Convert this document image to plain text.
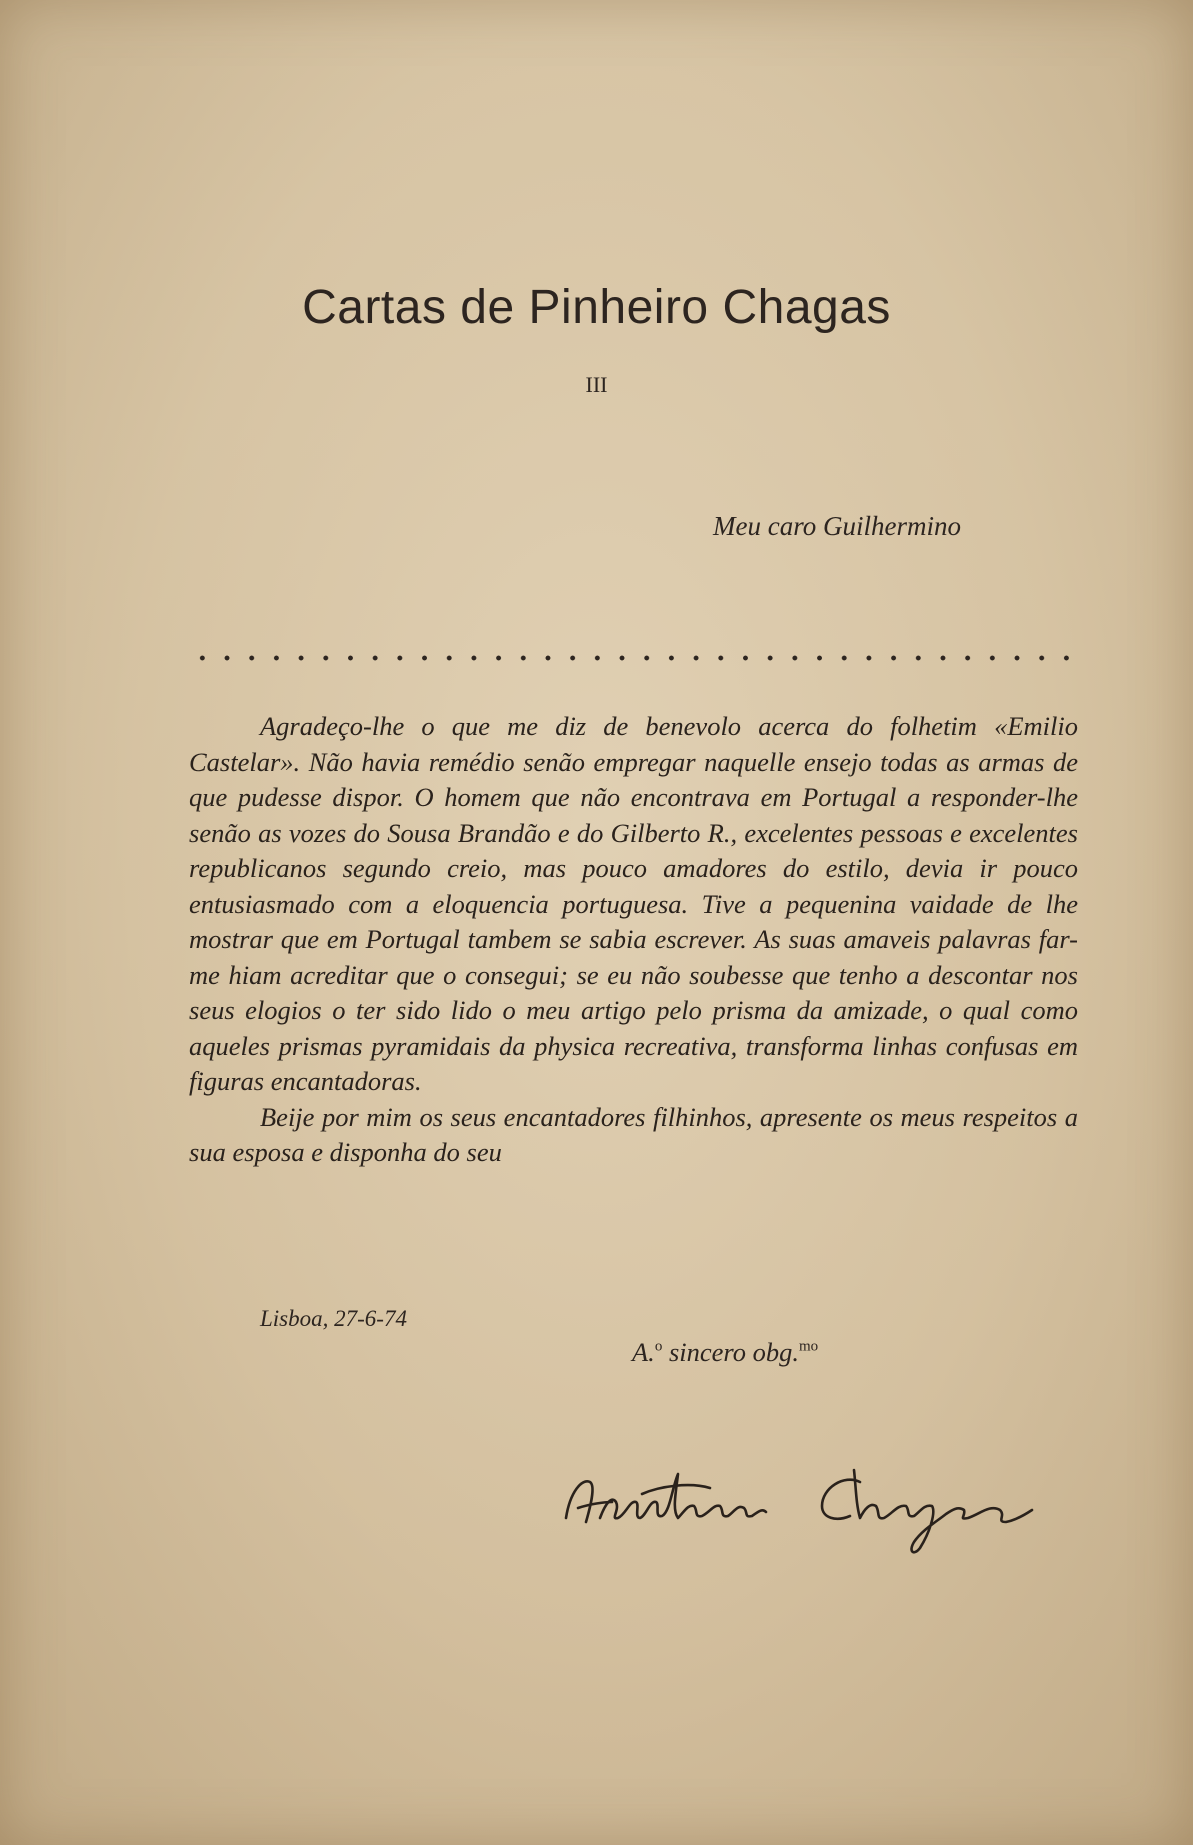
Cartas de Pinheiro Chagas
III
Meu caro Guilhermino

Agradeço-lhe o que me diz de benevolo acerca do folhetim «Emilio Castelar». Não havia remédio senão empregar naquelle ensejo todas as armas de que pudesse dispor. O homem que não encontrava em Portugal a responder-lhe senão as vozes do Sousa Brandão e do Gilberto R., excelentes pessoas e excelentes republicanos segundo creio, mas pouco amadores do estilo, devia ir pouco entusiasmado com a eloquencia portuguesa. Tive a pequenina vaidade de lhe mostrar que em Portugal tambem se sabia escrever. As suas amaveis palavras far-me hiam acreditar que o consegui; se eu não soubesse que tenho a descontar nos seus elogios o ter sido lido o meu artigo pelo prisma da amizade, o qual como aqueles prismas pyramidais da physica recreativa, transforma linhas confusas em figuras encantadoras.

Beije por mim os seus encantadores filhinhos, apresente os meus respeitos a sua esposa e disponha do seu

Lisboa, 27-6-74
A.$^o$ sincero obg.$^{mo}$
